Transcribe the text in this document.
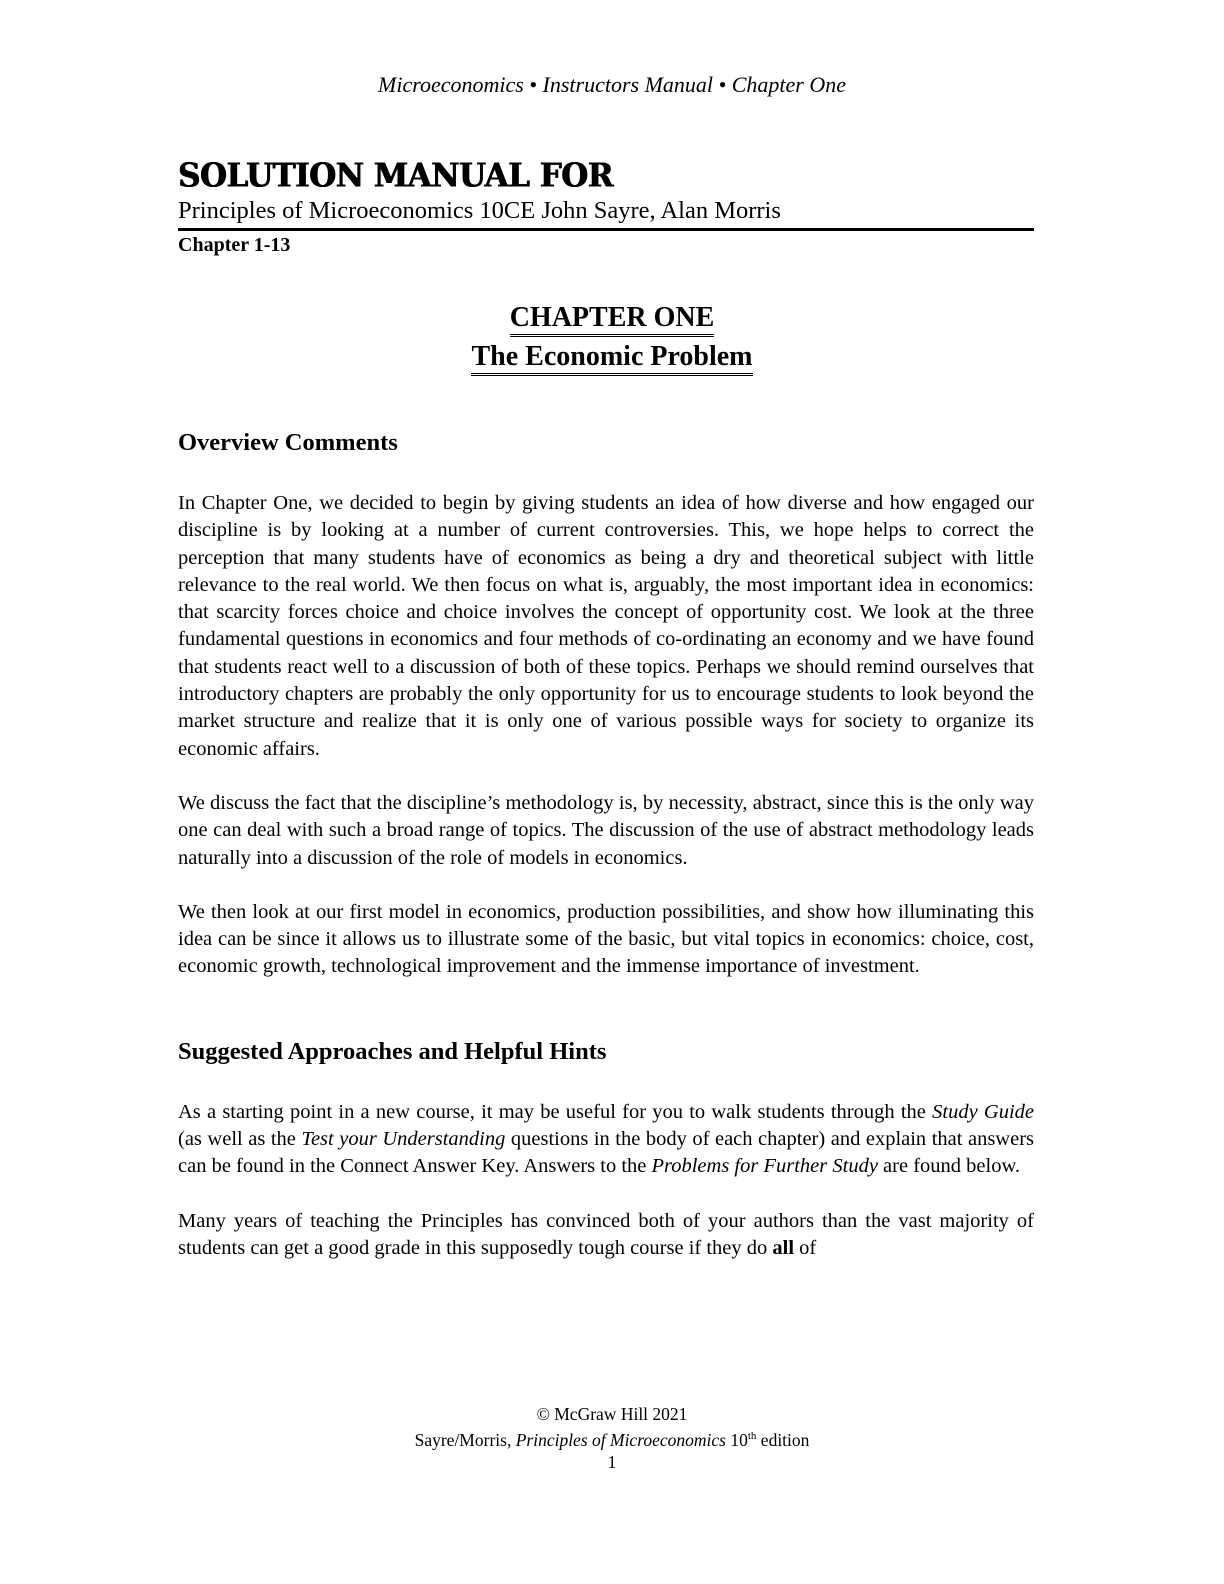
Microeconomics • Instructors Manual • Chapter One
SOLUTION MANUAL FOR
Principles of Microeconomics 10CE John Sayre, Alan Morris
Chapter 1-13
CHAPTER ONE
The Economic Problem
Overview Comments

In Chapter One, we decided to begin by giving students an idea of how diverse and how engaged our discipline is by looking at a number of current controversies. This, we hope helps to correct the perception that many students have of economics as being a dry and theoretical subject with little relevance to the real world. We then focus on what is, arguably, the most important idea in economics: that scarcity forces choice and choice involves the concept of opportunity cost. We look at the three fundamental questions in economics and four methods of co-ordinating an economy and we have found that students react well to a discussion of both of these topics. Perhaps we should remind ourselves that introductory chapters are probably the only opportunity for us to encourage students to look beyond the market structure and realize that it is only one of various possible ways for society to organize its economic affairs.

We discuss the fact that the discipline’s methodology is, by necessity, abstract, since this is the only way one can deal with such a broad range of topics. The discussion of the use of abstract methodology leads naturally into a discussion of the role of models in economics.

We then look at our first model in economics, production possibilities, and show how illuminating this idea can be since it allows us to illustrate some of the basic, but vital topics in economics: choice, cost, economic growth, technological improvement and the immense importance of investment.

Suggested Approaches and Helpful Hints

As a starting point in a new course, it may be useful for you to walk students through the Study Guide (as well as the Test your Understanding questions in the body of each chapter) and explain that answers can be found in the Connect Answer Key. Answers to the Problems for Further Study are found below.

Many years of teaching the Principles has convinced both of your authors than the vast majority of students can get a good grade in this supposedly tough course if they do all of

© McGraw Hill 2021
Sayre/Morris, Principles of Microeconomics 10th edition
1
